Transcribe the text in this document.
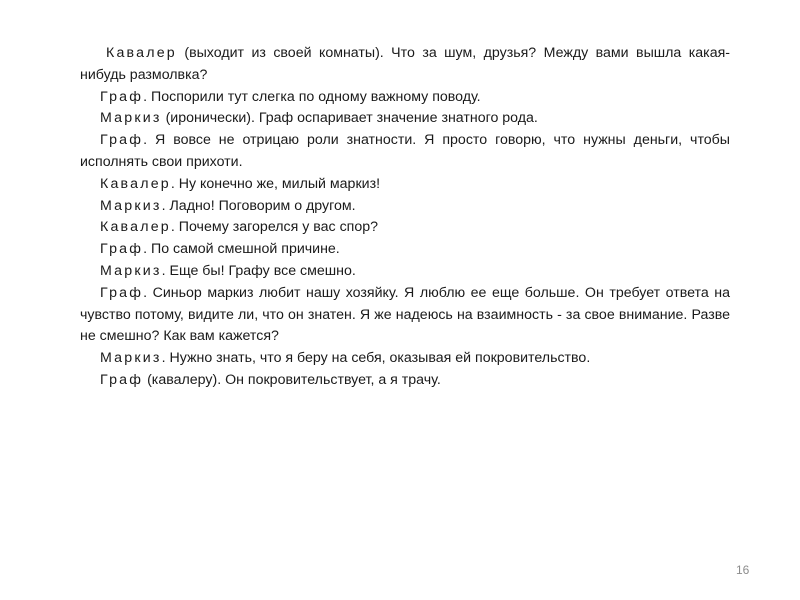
Кавалер (выходит из своей комнаты). Что за шум, друзья? Между вами вышла какая-нибудь размолвка?

Граф. Поспорили тут слегка по одному важному поводу.

Маркиз (иронически). Граф оспаривает значение знатного рода.

Граф. Я вовсе не отрицаю роли знатности. Я просто говорю, что нужны деньги, чтобы исполнять свои прихоти.

Кавалер. Ну конечно же, милый маркиз!

Маркиз. Ладно! Поговорим о другом.

Кавалер. Почему загорелся у вас спор?

Граф. По самой смешной причине.

Маркиз. Еще бы! Графу все смешно.

Граф. Синьор маркиз любит нашу хозяйку. Я люблю ее еще больше. Он требует ответа на чувство потому, видите ли, что он знатен. Я же надеюсь на взаимность - за свое внимание. Разве не смешно? Как вам кажется?

Маркиз. Нужно знать, что я беру на себя, оказывая ей покровительство.

Граф (кавалеру). Он покровительствует, а я трачу.

16
